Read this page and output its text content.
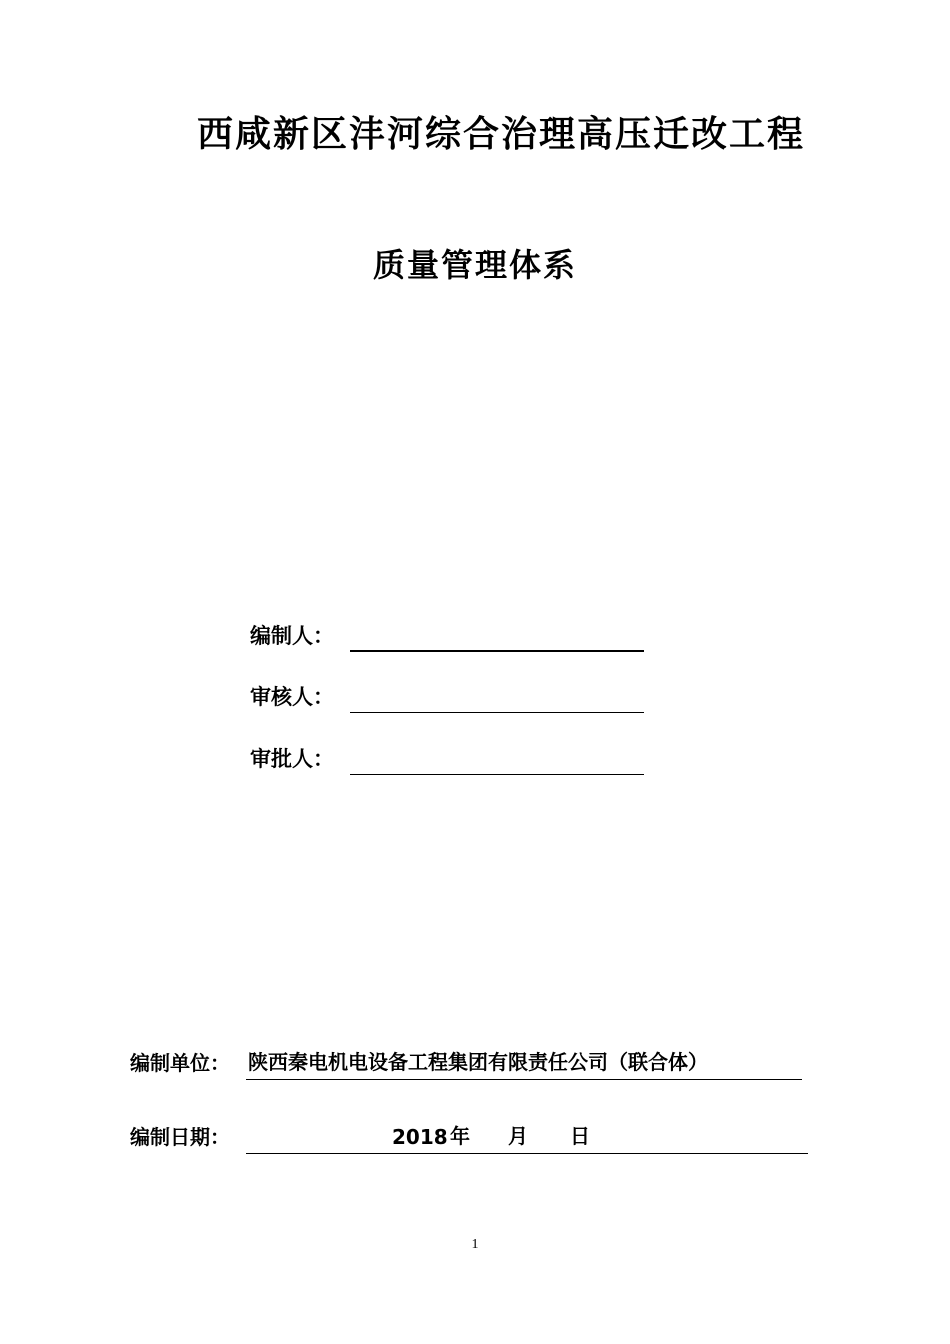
西咸新区沣河综合治理高压迁改工程
质量管理体系
编制人：
审核人：
审批人：
编制单位： 陕西秦电机电设备工程集团有限责任公司（联合体）
编制日期：	2018 年 月 日
1
